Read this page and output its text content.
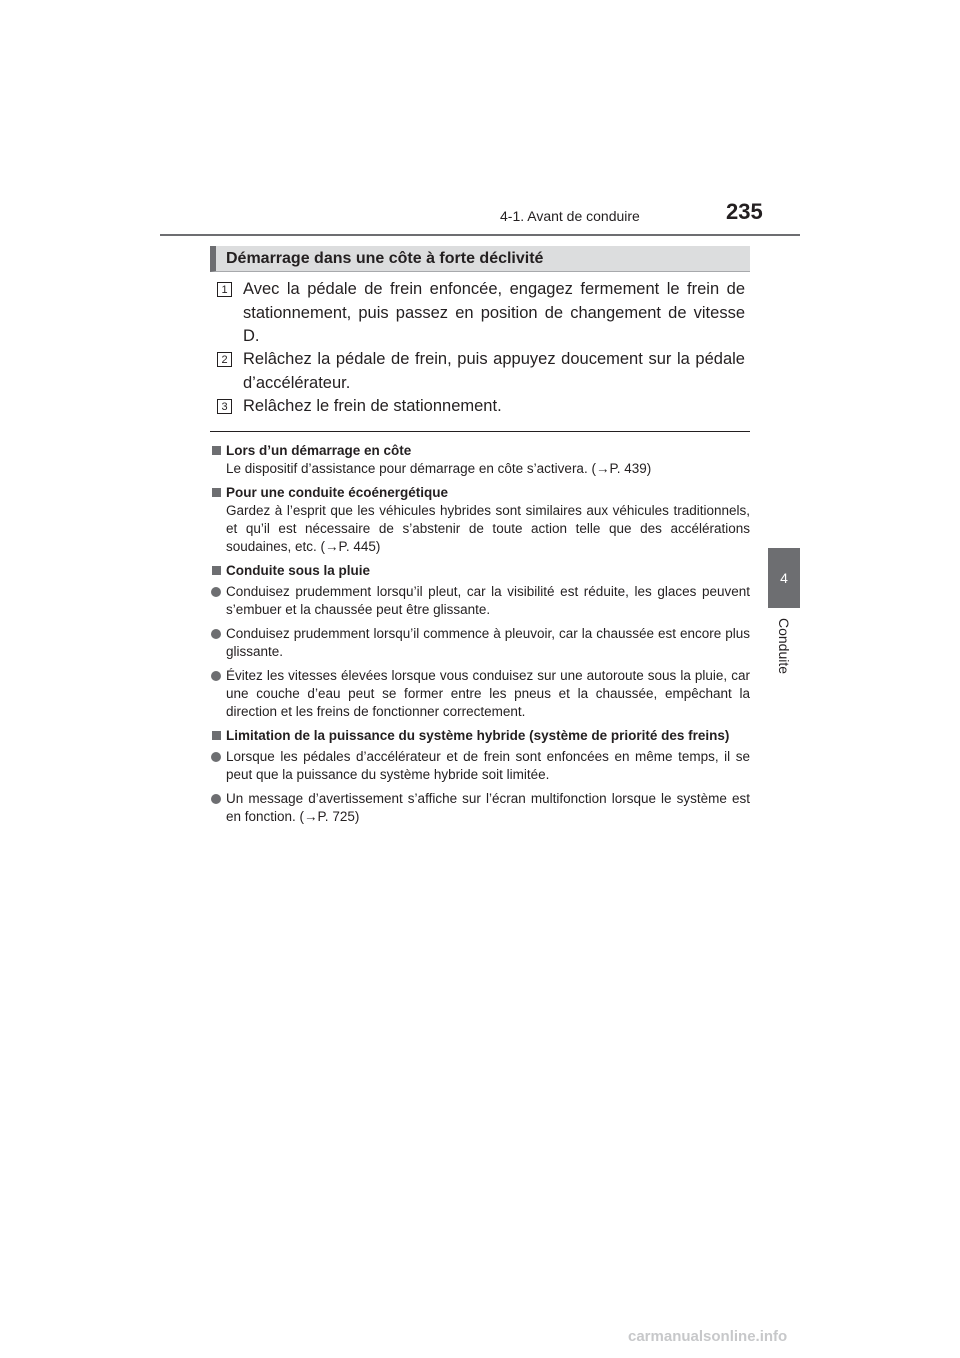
4-1. Avant de conduire	235
4
Conduite
Démarrage dans une côte à forte déclivité
1 Avec la pédale de frein enfoncée, engagez fermement le frein de stationnement, puis passez en position de changement de vitesse D.
2 Relâchez la pédale de frein, puis appuyez doucement sur la pédale d’accélérateur.
3 Relâchez le frein de stationnement.
Lors d’un démarrage en côte
Le dispositif d’assistance pour démarrage en côte s’activera. (→P. 439)
Pour une conduite écoénergétique
Gardez à l’esprit que les véhicules hybrides sont similaires aux véhicules traditionnels, et qu’il est nécessaire de s’abstenir de toute action telle que des accélérations soudaines, etc. (→P. 445)
Conduite sous la pluie
Conduisez prudemment lorsqu’il pleut, car la visibilité est réduite, les glaces peuvent s’embuer et la chaussée peut être glissante.
Conduisez prudemment lorsqu’il commence à pleuvoir, car la chaussée est encore plus glissante.
Évitez les vitesses élevées lorsque vous conduisez sur une autoroute sous la pluie, car une couche d’eau peut se former entre les pneus et la chaussée, empêchant la direction et les freins de fonctionner correctement.
Limitation de la puissance du système hybride (système de priorité des freins)
Lorsque les pédales d’accélérateur et de frein sont enfoncées en même temps, il se peut que la puissance du système hybride soit limitée.
Un message d’avertissement s’affiche sur l’écran multifonction lorsque le système est en fonction. (→P. 725)
carmanualsonline.info
